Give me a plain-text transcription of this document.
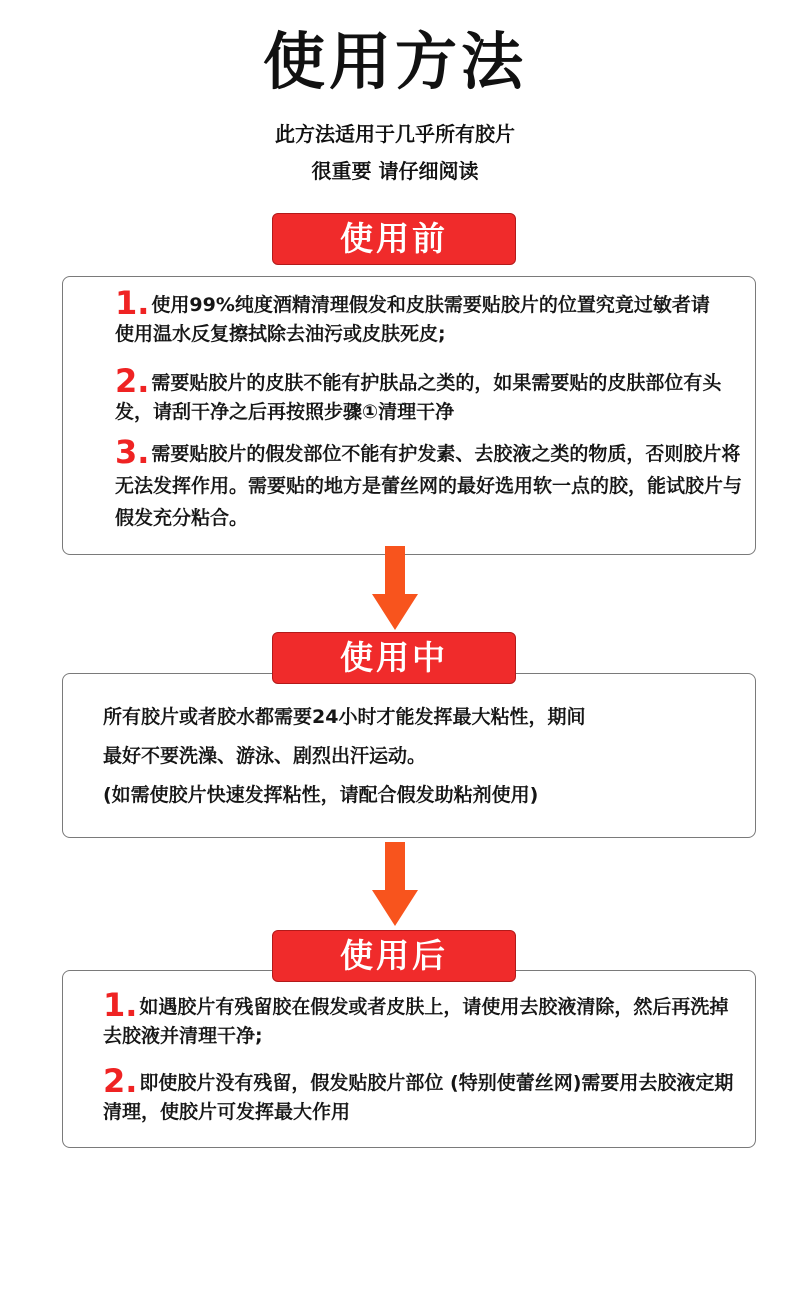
使用方法
此方法适用于几乎所有胶片
很重要 请仔细阅读
使用前
1. 使用99%纯度酒精清理假发和皮肤需要贴胶片的位置究竟过敏者请使用温水反复擦拭除去油污或皮肤死皮;
2. 需要贴胶片的皮肤不能有护肤品之类的，如果需要贴的皮肤部位有头发，请刮干净之后再按照步骤①清理干净
3. 需要贴胶片的假发部位不能有护发素、去胶液之类的物质，否则胶片将无法发挥作用。需要贴的地方是蕾丝网的最好选用软一点的胶，能试胶片与假发充分粘合。
使用中
所有胶片或者胶水都需要24小时才能发挥最大粘性，期间
最好不要洗澡、游泳、剧烈出汗运动。
(如需使胶片快速发挥粘性，请配合假发助粘剂使用)
使用后
1. 如遇胶片有残留胶在假发或者皮肤上，请使用去胶液清除，然后再洗掉去胶液并清理干净;
2. 即使胶片没有残留，假发贴胶片部位 (特别使蕾丝网)需要用去胶液定期清理，使胶片可发挥最大作用
